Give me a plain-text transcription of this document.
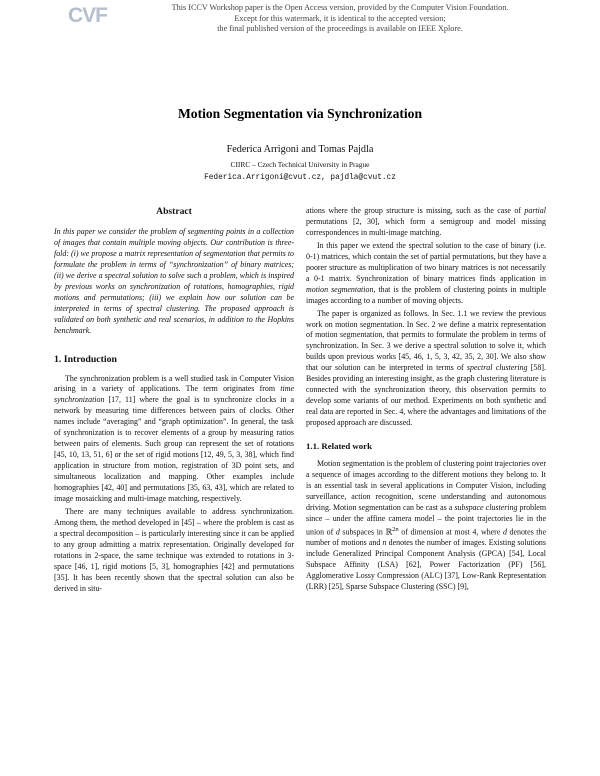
CVF	This ICCV Workshop paper is the Open Access version, provided by the Computer Vision Foundation.
Except for this watermark, it is identical to the accepted version;
the final published version of the proceedings is available on IEEE Xplore.
Motion Segmentation via Synchronization
Federica Arrigoni and Tomas Pajdla
CIIRC – Czech Technical University in Prague
Federica.Arrigoni@cvut.cz, pajdla@cvut.cz
Abstract

In this paper we consider the problem of segmenting points in a collection of images that contain multiple moving objects. Our contribution is three-fold: (i) we propose a matrix representation of segmentation that permits to formulate the problem in terms of “synchronization” of binary matrices; (ii) we derive a spectral solution to solve such a problem, which is inspired by previous works on synchronization of rotations, homographies, rigid motions and permutations; (iii) we explain how our solution can be interpreted in terms of spectral clustering. The proposed approach is validated on both synthetic and real scenarios, in addition to the Hopkins benchmark.

1. Introduction

The synchronization problem is a well studied task in Computer Vision arising in a variety of applications. The term originates from time synchronization [17, 11] where the goal is to synchronize clocks in a network by measuring time differences between pairs of clocks. Other names include “averaging” and “graph optimization”. In general, the task of synchronization is to recover elements of a group by measuring ratios between pairs of elements. Such group can represent the set of rotations [45, 10, 13, 51, 6] or the set of rigid motions [12, 49, 5, 3, 38], which find application in structure from motion, registration of 3D point sets, and simultaneous localization and mapping. Other examples include homographies [42, 40] and permutations [35, 63, 43], which are related to image mosaicking and multi-image matching, respectively.

There are many techniques available to address synchronization. Among them, the method developed in [45] – where the problem is cast as a spectral decomposition – is particularly interesting since it can be applied to any group admitting a matrix representation. Originally developed for rotations in 2-space, the same technique was extended to rotations in 3-space [46, 1], rigid motions [5, 3], homographies [42] and permutations [35]. It has been recently shown that the spectral solution can also be derived in situ-

ations where the group structure is missing, such as the case of partial permutations [2, 30], which form a semigroup and model missing correspondences in multi-image matching.

In this paper we extend the spectral solution to the case of binary (i.e. 0-1) matrices, which contain the set of partial permutations, but they have a poorer structure as multiplication of two binary matrices is not necessarily a 0-1 matrix. Synchronization of binary matrices finds application in motion segmentation, that is the problem of clustering points in multiple images according to a number of moving objects.

The paper is organized as follows. In Sec. 1.1 we review the previous work on motion segmentation. In Sec. 2 we define a matrix representation of motion segmentation, that permits to formulate the problem in terms of synchronization. In Sec. 3 we derive a spectral solution to solve it, which builds upon previous works [45, 46, 1, 5, 3, 42, 35, 2, 30]. We also show that our solution can be interpreted in terms of spectral clustering [58]. Besides providing an interesting insight, as the graph clustering literature is connected with the synchronization theory, this observation permits to develop some variants of our method. Experiments on both synthetic and real data are reported in Sec. 4, where the advantages and limitations of the proposed approach are discussed.

1.1. Related work

Motion segmentation is the problem of clustering point trajectories over a sequence of images according to the different motions they belong to. It is an essential task in several applications in Computer Vision, including surveillance, action recognition, scene understanding and autonomous driving. Motion segmentation can be cast as a subspace clustering problem since – under the affine camera model – the point trajectories lie in the union of d subspaces in ℝ$^{2n}$ of dimension at most 4, where d denotes the number of motions and n denotes the number of images. Existing solutions include Generalized Principal Component Analysis (GPCA) [54], Local Subspace Affinity (LSA) [62], Power Factorization (PF) [56], Agglomerative Lossy Compression (ALC) [37], Low-Rank Representation (LRR) [25], Sparse Subspace Clustering (SSC) [9],
